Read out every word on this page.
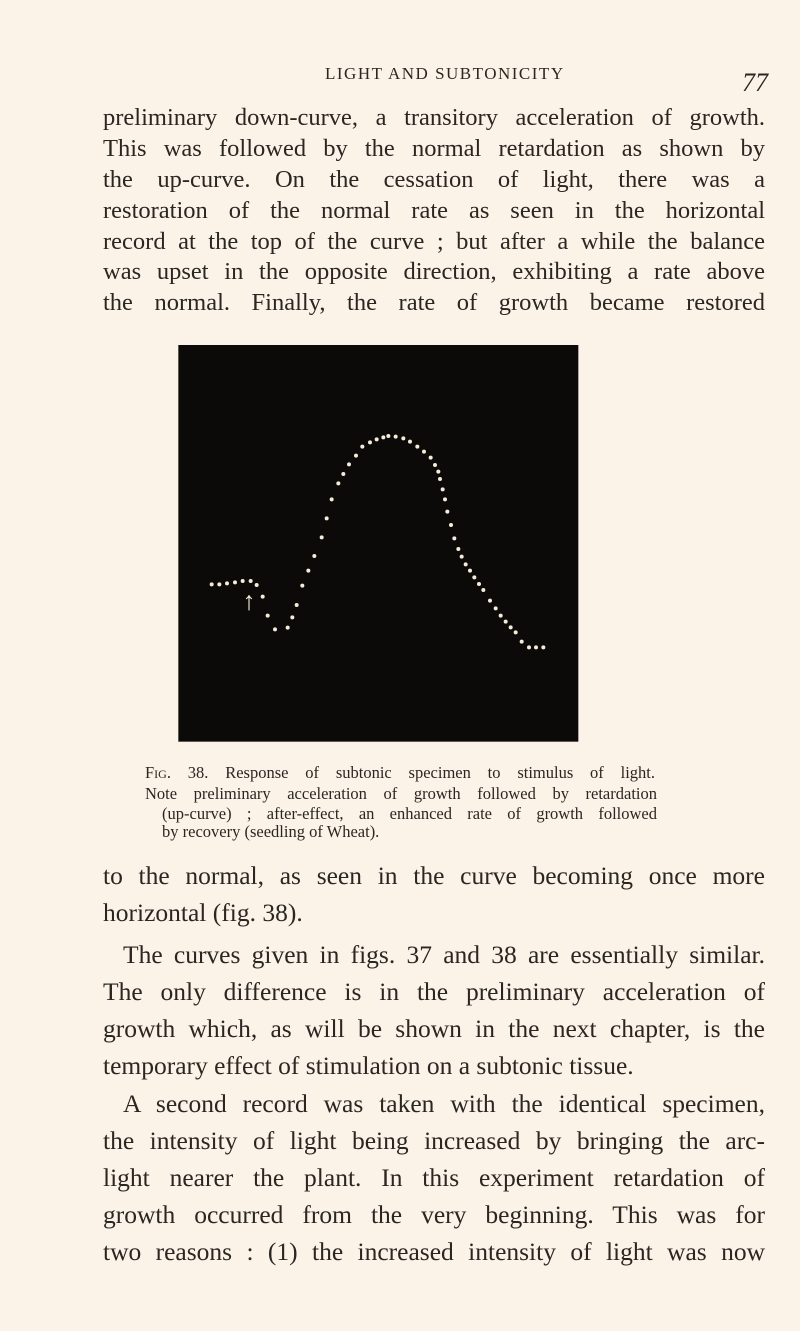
LIGHT AND SUBTONICITY	77
preliminary down-curve, a transitory acceleration of growth.
This was followed by the normal retardation as shown by
the up-curve. On the cessation of light, there was a
restoration of the normal rate as seen in the horizontal
record at the top of the curve ; but after a while the balance
was upset in the opposite direction, exhibiting a rate above
the normal. Finally, the rate of growth became restored
↑
Fig. 38. Response of subtonic specimen to stimulus of light.
Note preliminary acceleration of growth followed by retardation
(up-curve) ; after-effect, an enhanced rate of growth followed
by recovery (seedling of Wheat).
to the normal, as seen in the curve becoming once more
horizontal (fig. 38).
The curves given in figs. 37 and 38 are essentially similar.
The only difference is in the preliminary acceleration of
growth which, as will be shown in the next chapter, is the
temporary effect of stimulation on a subtonic tissue.
A second record was taken with the identical specimen,
the intensity of light being increased by bringing the arc-
light nearer the plant. In this experiment retardation of
growth occurred from the very beginning. This was for
two reasons : (1) the increased intensity of light was now
